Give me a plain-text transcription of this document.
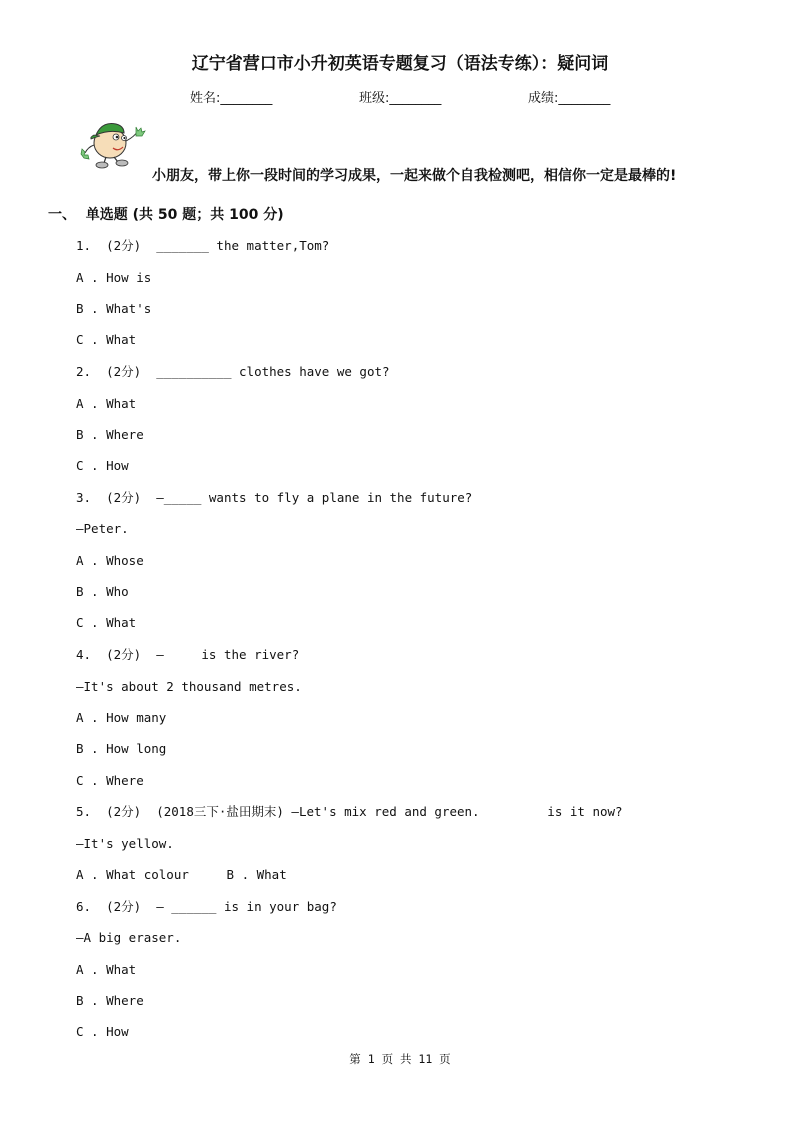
辽宁省营口市小升初英语专题复习（语法专练）：疑问词
姓名:________	班级:________	成绩:________
小朋友，带上你一段时间的学习成果，一起来做个自我检测吧，相信你一定是最棒的!
一、  单选题 (共 50 题；共 100 分)
1.  (2分)  _______ the matter,Tom?
A . How is
B . What's
C . What
2.  (2分)  __________ clothes have we got?
A . What
B . Where
C . How
3.  (2分)  —_____ wants to fly a plane in the future?
—Peter.
A . Whose
B . Who
C . What
4.  (2分)  —     is the river?
—It's about 2 thousand metres.
A . How many
B . How long
C . Where
5.  (2分)  (2018三下·盐田期末) —Let's mix red and green.         is it now?
—It's yellow.
A . What colour     B . What
6.  (2分)  — ______ is in your bag?
—A big eraser.
A . What
B . Where
C . How
第 1 页 共 11 页
